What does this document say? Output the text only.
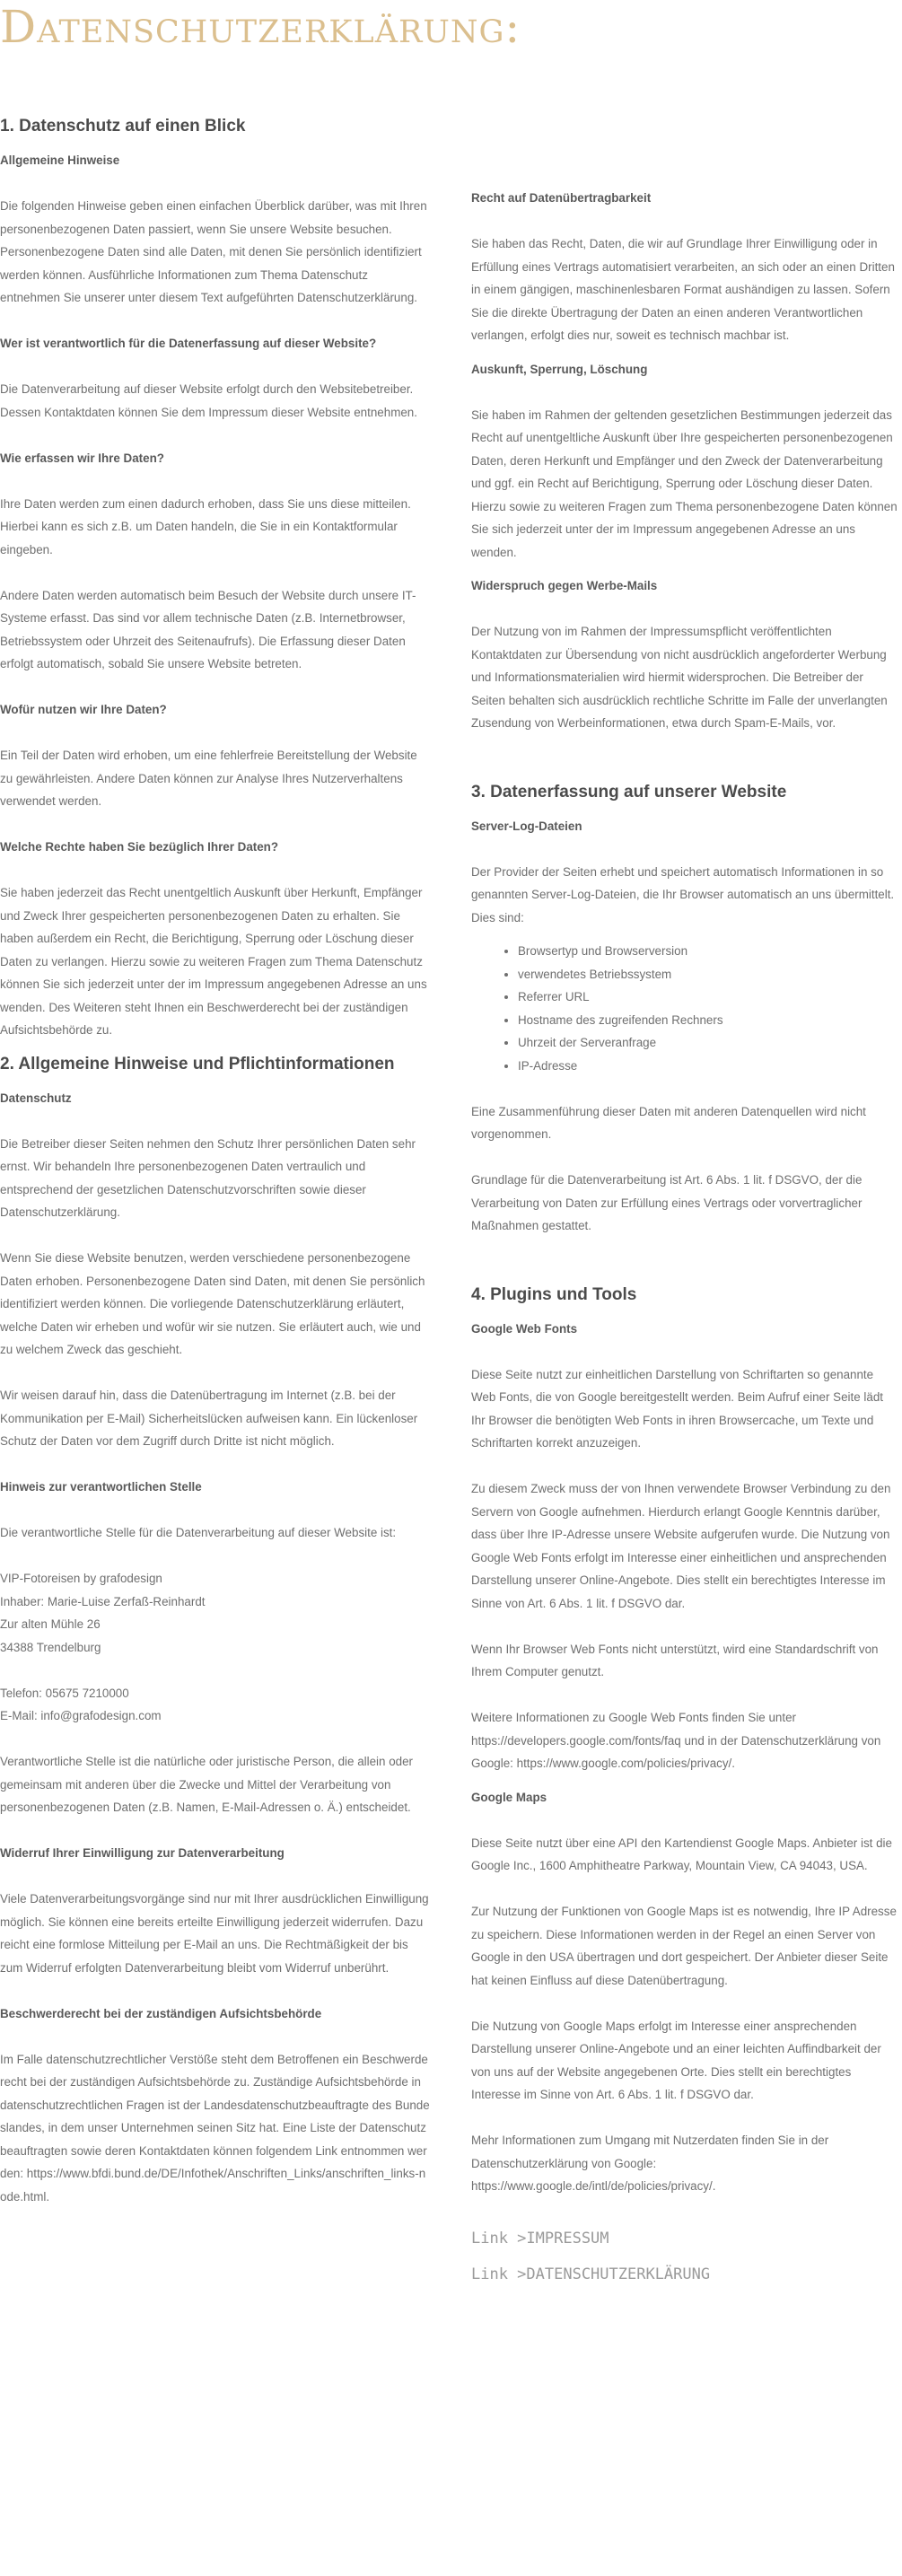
Datenschutzerklärung:
1. Datenschutz auf einen Blick
Allgemeine Hinweise

Die folgenden Hinweise geben einen einfachen Überblick darüber, was mit Ihren personenbezogenen Daten passiert, wenn Sie unsere Website besuchen. Personenbezogene Daten sind alle Daten, mit denen Sie persönlich identifiziert werden können. Ausführliche Informationen zum Thema Datenschutz entnehmen Sie unserer unter diesem Text aufgeführten Datenschutzerklärung.

Wer ist verantwortlich für die Datenerfassung auf dieser Website?

Die Datenverarbeitung auf dieser Website erfolgt durch den Websitebetreiber. Dessen Kontaktdaten können Sie dem Impressum dieser Website entnehmen.

Wie erfassen wir Ihre Daten?

Ihre Daten werden zum einen dadurch erhoben, dass Sie uns diese mitteilen. Hierbei kann es sich z.B. um Daten handeln, die Sie in ein Kontaktformular eingeben.

Andere Daten werden automatisch beim Besuch der Website durch unsere IT-Systeme erfasst. Das sind vor allem technische Daten (z.B. Internetbrowser, Betriebssystem oder Uhrzeit des Seitenaufrufs). Die Erfassung dieser Daten erfolgt automatisch, sobald Sie unsere Website betreten.

Wofür nutzen wir Ihre Daten?

Ein Teil der Daten wird erhoben, um eine fehlerfreie Bereitstellung der Website zu gewährleisten. Andere Daten können zur Analyse Ihres Nutzerverhaltens verwendet werden.

Welche Rechte haben Sie bezüglich Ihrer Daten?

Sie haben jederzeit das Recht unentgeltlich Auskunft über Herkunft, Empfänger und Zweck Ihrer gespeicherten personenbezogenen Daten zu erhalten. Sie haben außerdem ein Recht, die Berichtigung, Sperrung oder Löschung dieser Daten zu verlangen. Hierzu sowie zu weiteren Fragen zum Thema Datenschutz können Sie sich jederzeit unter der im Impressum angegebenen Adresse an uns wenden. Des Weiteren steht Ihnen ein Beschwerderecht bei der zuständigen Aufsichtsbehörde zu.

2. Allgemeine Hinweise und Pflichtinformationen
Datenschutz

Die Betreiber dieser Seiten nehmen den Schutz Ihrer persönlichen Daten sehr ernst. Wir behandeln Ihre personenbezogenen Daten vertraulich und entsprechend der gesetzlichen Datenschutzvorschriften sowie dieser Datenschutzerklärung.

Wenn Sie diese Website benutzen, werden verschiedene personenbezogene Daten erhoben. Personenbezogene Daten sind Daten, mit denen Sie persönlich identifiziert werden können. Die vorliegende Datenschutzerklärung erläutert, welche Daten wir erheben und wofür wir sie nutzen. Sie erläutert auch, wie und zu welchem Zweck das geschieht.

Wir weisen darauf hin, dass die Datenübertragung im Internet (z.B. bei der Kommunikation per E-Mail) Sicherheitslücken aufweisen kann. Ein lückenloser Schutz der Daten vor dem Zugriff durch Dritte ist nicht möglich.

Hinweis zur verantwortlichen Stelle

Die verantwortliche Stelle für die Datenverarbeitung auf dieser Website ist:

VIP-Fotoreisen by grafodesign

Inhaber: Marie-Luise Zerfaß-Reinhardt

Zur alten Mühle 26

34388 Trendelburg

Telefon: 05675 7210000

E-Mail: info@grafodesign.com

Verantwortliche Stelle ist die natürliche oder juristische Person, die allein oder gemeinsam mit anderen über die Zwecke und Mittel der Verarbeitung von personenbezogenen Daten (z.B. Namen, E-Mail-Adressen o. Ä.) entscheidet.

Widerruf Ihrer Einwilligung zur Datenverarbeitung

Viele Datenverarbeitungsvorgänge sind nur mit Ihrer ausdrücklichen Einwilligung möglich. Sie können eine bereits erteilte Einwilligung jederzeit widerrufen. Dazu reicht eine formlose Mitteilung per E-Mail an uns. Die Rechtmäßigkeit der bis zum Widerruf erfolgten Datenverarbeitung bleibt vom Widerruf unberührt.

Beschwerderecht bei der zuständigen Aufsichtsbehörde

Im Falle datenschutzrechtlicher Verstöße steht dem Betroffenen ein Beschwerderecht bei der zuständigen Aufsichtsbehörde zu. Zuständige Aufsichtsbehörde in datenschutzrechtlichen Fragen ist der Landesdatenschutzbeauftragte des Bundeslandes, in dem unser Unternehmen seinen Sitz hat. Eine Liste der Datenschutzbeauftragten sowie deren Kontaktdaten können folgendem Link entnommen werden: https://www.bfdi.bund.de/DE/Infothek/Anschriften_Links/anschriften_links-node.html.

Recht auf Datenübertragbarkeit

Sie haben das Recht, Daten, die wir auf Grundlage Ihrer Einwilligung oder in Erfüllung eines Vertrags automatisiert verarbeiten, an sich oder an einen Dritten in einem gängigen, maschinenlesbaren Format aushändigen zu lassen. Sofern Sie die direkte Übertragung der Daten an einen anderen Verantwortlichen verlangen, erfolgt dies nur, soweit es technisch machbar ist.

Auskunft, Sperrung, Löschung

Sie haben im Rahmen der geltenden gesetzlichen Bestimmungen jederzeit das Recht auf unentgeltliche Auskunft über Ihre gespeicherten personenbezogenen Daten, deren Herkunft und Empfänger und den Zweck der Datenverarbeitung und ggf. ein Recht auf Berichtigung, Sperrung oder Löschung dieser Daten. Hierzu sowie zu weiteren Fragen zum Thema personenbezogene Daten können Sie sich jederzeit unter der im Impressum angegebenen Adresse an uns wenden.

Widerspruch gegen Werbe-Mails

Der Nutzung von im Rahmen der Impressumspflicht veröffentlichten Kontaktdaten zur Übersendung von nicht ausdrücklich angeforderter Werbung und Informationsmaterialien wird hiermit widersprochen. Die Betreiber der Seiten behalten sich ausdrücklich rechtliche Schritte im Falle der unverlangten Zusendung von Werbeinformationen, etwa durch Spam-E-Mails, vor.

3. Datenerfassung auf unserer Website
Server-Log-Dateien

Der Provider der Seiten erhebt und speichert automatisch Informationen in so genannten Server-Log-Dateien, die Ihr Browser automatisch an uns übermittelt. Dies sind:

• Browsertyp und Browserversion
• verwendetes Betriebssystem
• Referrer URL
• Hostname des zugreifenden Rechners
• Uhrzeit der Serveranfrage
• IP-Adresse

Eine Zusammenführung dieser Daten mit anderen Datenquellen wird nicht vorgenommen.

Grundlage für die Datenverarbeitung ist Art. 6 Abs. 1 lit. f DSGVO, der die Verarbeitung von Daten zur Erfüllung eines Vertrags oder vorvertraglicher Maßnahmen gestattet.

4. Plugins und Tools
Google Web Fonts

Diese Seite nutzt zur einheitlichen Darstellung von Schriftarten so genannte Web Fonts, die von Google bereitgestellt werden. Beim Aufruf einer Seite lädt Ihr Browser die benötigten Web Fonts in ihren Browsercache, um Texte und Schriftarten korrekt anzuzeigen.

Zu diesem Zweck muss der von Ihnen verwendete Browser Verbindung zu den Servern von Google aufnehmen. Hierdurch erlangt Google Kenntnis darüber, dass über Ihre IP-Adresse unsere Website aufgerufen wurde. Die Nutzung von Google Web Fonts erfolgt im Interesse einer einheitlichen und ansprechenden Darstellung unserer Online-Angebote. Dies stellt ein berechtigtes Interesse im Sinne von Art. 6 Abs. 1 lit. f DSGVO dar.

Wenn Ihr Browser Web Fonts nicht unterstützt, wird eine Standardschrift von Ihrem Computer genutzt.

Weitere Informationen zu Google Web Fonts finden Sie unter https://developers.google.com/fonts/faq und in der Datenschutzerklärung von Google: https://www.google.com/policies/privacy/.

Google Maps

Diese Seite nutzt über eine API den Kartendienst Google Maps. Anbieter ist die Google Inc., 1600 Amphitheatre Parkway, Mountain View, CA 94043, USA.

Zur Nutzung der Funktionen von Google Maps ist es notwendig, Ihre IP Adresse zu speichern. Diese Informationen werden in der Regel an einen Server von Google in den USA übertragen und dort gespeichert. Der Anbieter dieser Seite hat keinen Einfluss auf diese Datenübertragung.

Die Nutzung von Google Maps erfolgt im Interesse einer ansprechenden Darstellung unserer Online-Angebote und an einer leichten Auffindbarkeit der von uns auf der Website angegebenen Orte. Dies stellt ein berechtigtes Interesse im Sinne von Art. 6 Abs. 1 lit. f DSGVO dar.

Mehr Informationen zum Umgang mit Nutzerdaten finden Sie in der Datenschutzerklärung von Google: https://www.google.de/intl/de/policies/privacy/.

Link >IMPRESSUM
Link >DATENSCHUTZERKLÄRUNG
